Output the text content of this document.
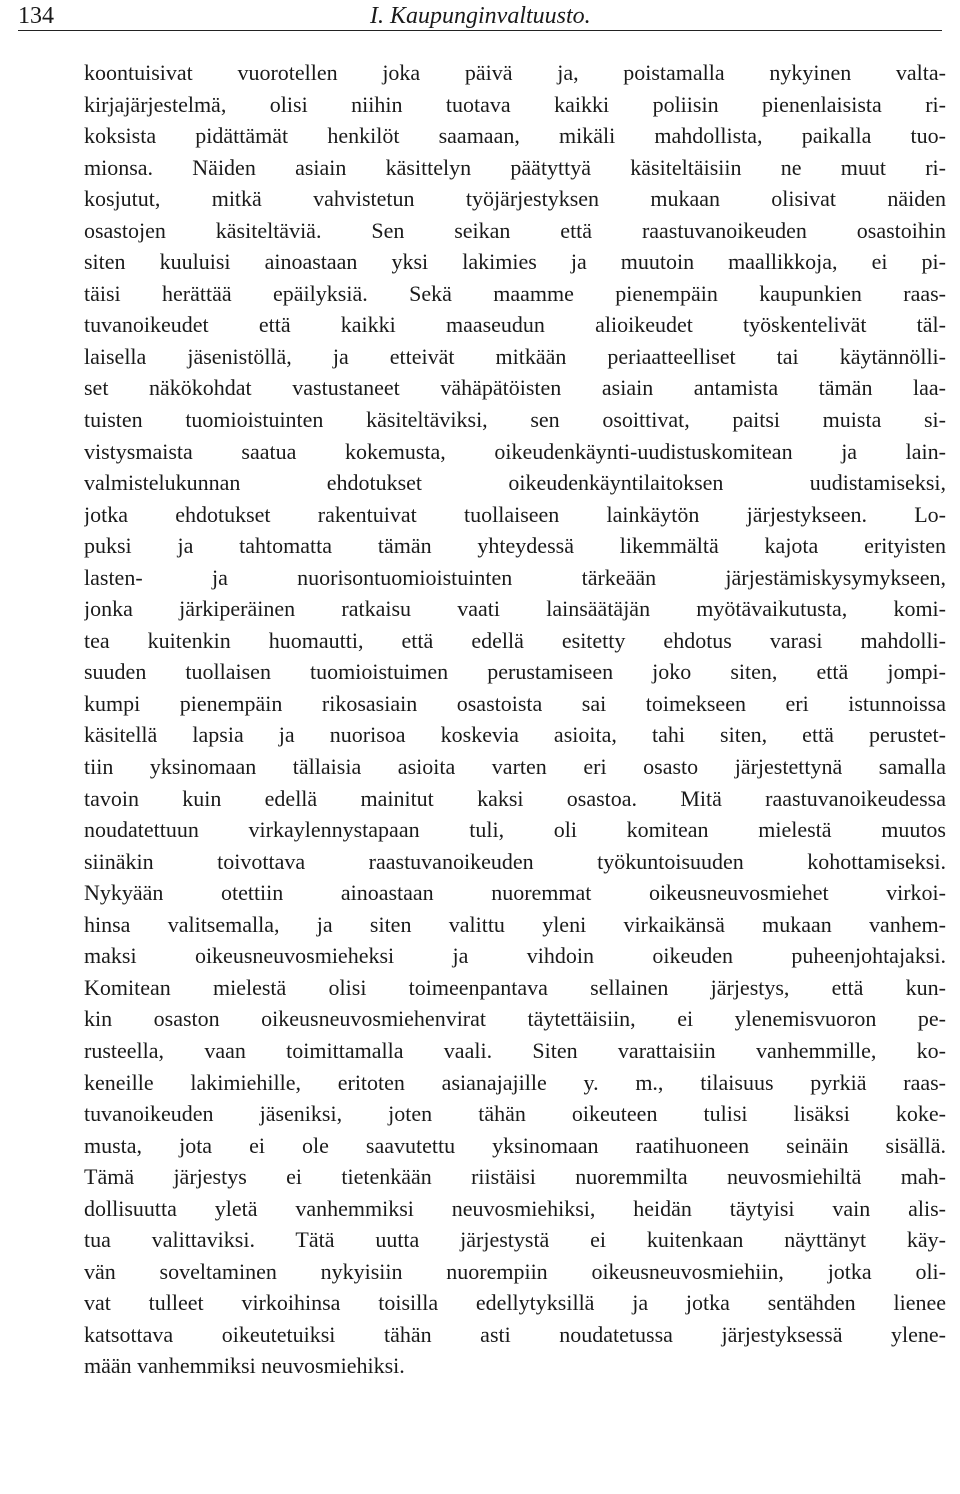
134	I. Kaupunginvaltuusto.
koontuisivat vuorotellen joka päivä ja, poistamalla nykyinen valta-
kirjajärjestelmä, olisi niihin tuotava kaikki poliisin pienenlaisista ri-
koksista pidättämät henkilöt saamaan, mikäli mahdollista, paikalla tuo-
mionsa. Näiden asiain käsittelyn päätyttyä käsiteltäisiin ne muut ri-
kosjutut, mitkä vahvistetun työjärjestyksen mukaan olisivat näiden
osastojen käsiteltäviä. Sen seikan että raastuvanoikeuden osastoihin
siten kuuluisi ainoastaan yksi lakimies ja muutoin maallikkoja, ei pi-
täisi herättää epäilyksiä. Sekä maamme pienempäin kaupunkien raas-
tuvanoikeudet että kaikki maaseudun alioikeudet työskentelivät täl-
laisella jäsenistöllä, ja etteivät mitkään periaatteelliset tai käytännölli-
set näkökohdat vastustaneet vähäpätöisten asiain antamista tämän laa-
tuisten tuomioistuinten käsiteltäviksi, sen osoittivat, paitsi muista si-
vistysmaista saatua kokemusta, oikeudenkäynti-uudistuskomitean ja lain-
valmistelukunnan ehdotukset oikeudenkäyntilaitoksen uudistamiseksi,
jotka ehdotukset rakentuivat tuollaiseen lainkäytön järjestykseen. Lo-
puksi ja tahtomatta tämän yhteydessä likemmältä kajota erityisten
lasten- ja nuorisontuomioistuinten tärkeään järjestämiskysymykseen,
jonka järkiperäinen ratkaisu vaati lainsäätäjän myötävaikutusta, komi-
tea kuitenkin huomautti, että edellä esitetty ehdotus varasi mahdolli-
suuden tuollaisen tuomioistuimen perustamiseen joko siten, että jompi-
kumpi pienempäin rikosasiain osastoista sai toimekseen eri istunnoissa
käsitellä lapsia ja nuorisoa koskevia asioita, tahi siten, että perustet-
tiin yksinomaan tällaisia asioita varten eri osasto järjestettynä samalla
tavoin kuin edellä mainitut kaksi osastoa. Mitä raastuvanoikeudessa
noudatettuun virkaylennystapaan tuli, oli komitean mielestä muutos
siinäkin toivottava raastuvanoikeuden työkuntoisuuden kohottamiseksi.
Nykyään otettiin ainoastaan nuoremmat oikeusneuvosmiehet virkoi-
hinsa valitsemalla, ja siten valittu yleni virkaikänsä mukaan vanhem-
maksi oikeusneuvosmieheksi ja vihdoin oikeuden puheenjohtajaksi.
Komitean mielestä olisi toimeenpantava sellainen järjestys, että kun-
kin osaston oikeusneuvosmiehenvirat täytettäisiin, ei ylenemisvuoron pe-
rusteella, vaan toimittamalla vaali. Siten varattaisiin vanhemmille, ko-
keneille lakimiehille, eritoten asianajajille y. m., tilaisuus pyrkiä raas-
tuvanoikeuden jäseniksi, joten tähän oikeuteen tulisi lisäksi koke-
musta, jota ei ole saavutettu yksinomaan raatihuoneen seinäin sisällä.
Tämä järjestys ei tietenkään riistäisi nuoremmilta neuvosmiehiltä mah-
dollisuutta yletä vanhemmiksi neuvosmiehiksi, heidän täytyisi vain alis-
tua valittaviksi. Tätä uutta järjestystä ei kuitenkaan näyttänyt käy-
vän soveltaminen nykyisiin nuorempiin oikeusneuvosmiehiin, jotka oli-
vat tulleet virkoihinsa toisilla edellytyksillä ja jotka sentähden lienee
katsottava oikeutetuiksi tähän asti noudatetussa järjestyksessä ylene-
mään vanhemmiksi neuvosmiehiksi.
